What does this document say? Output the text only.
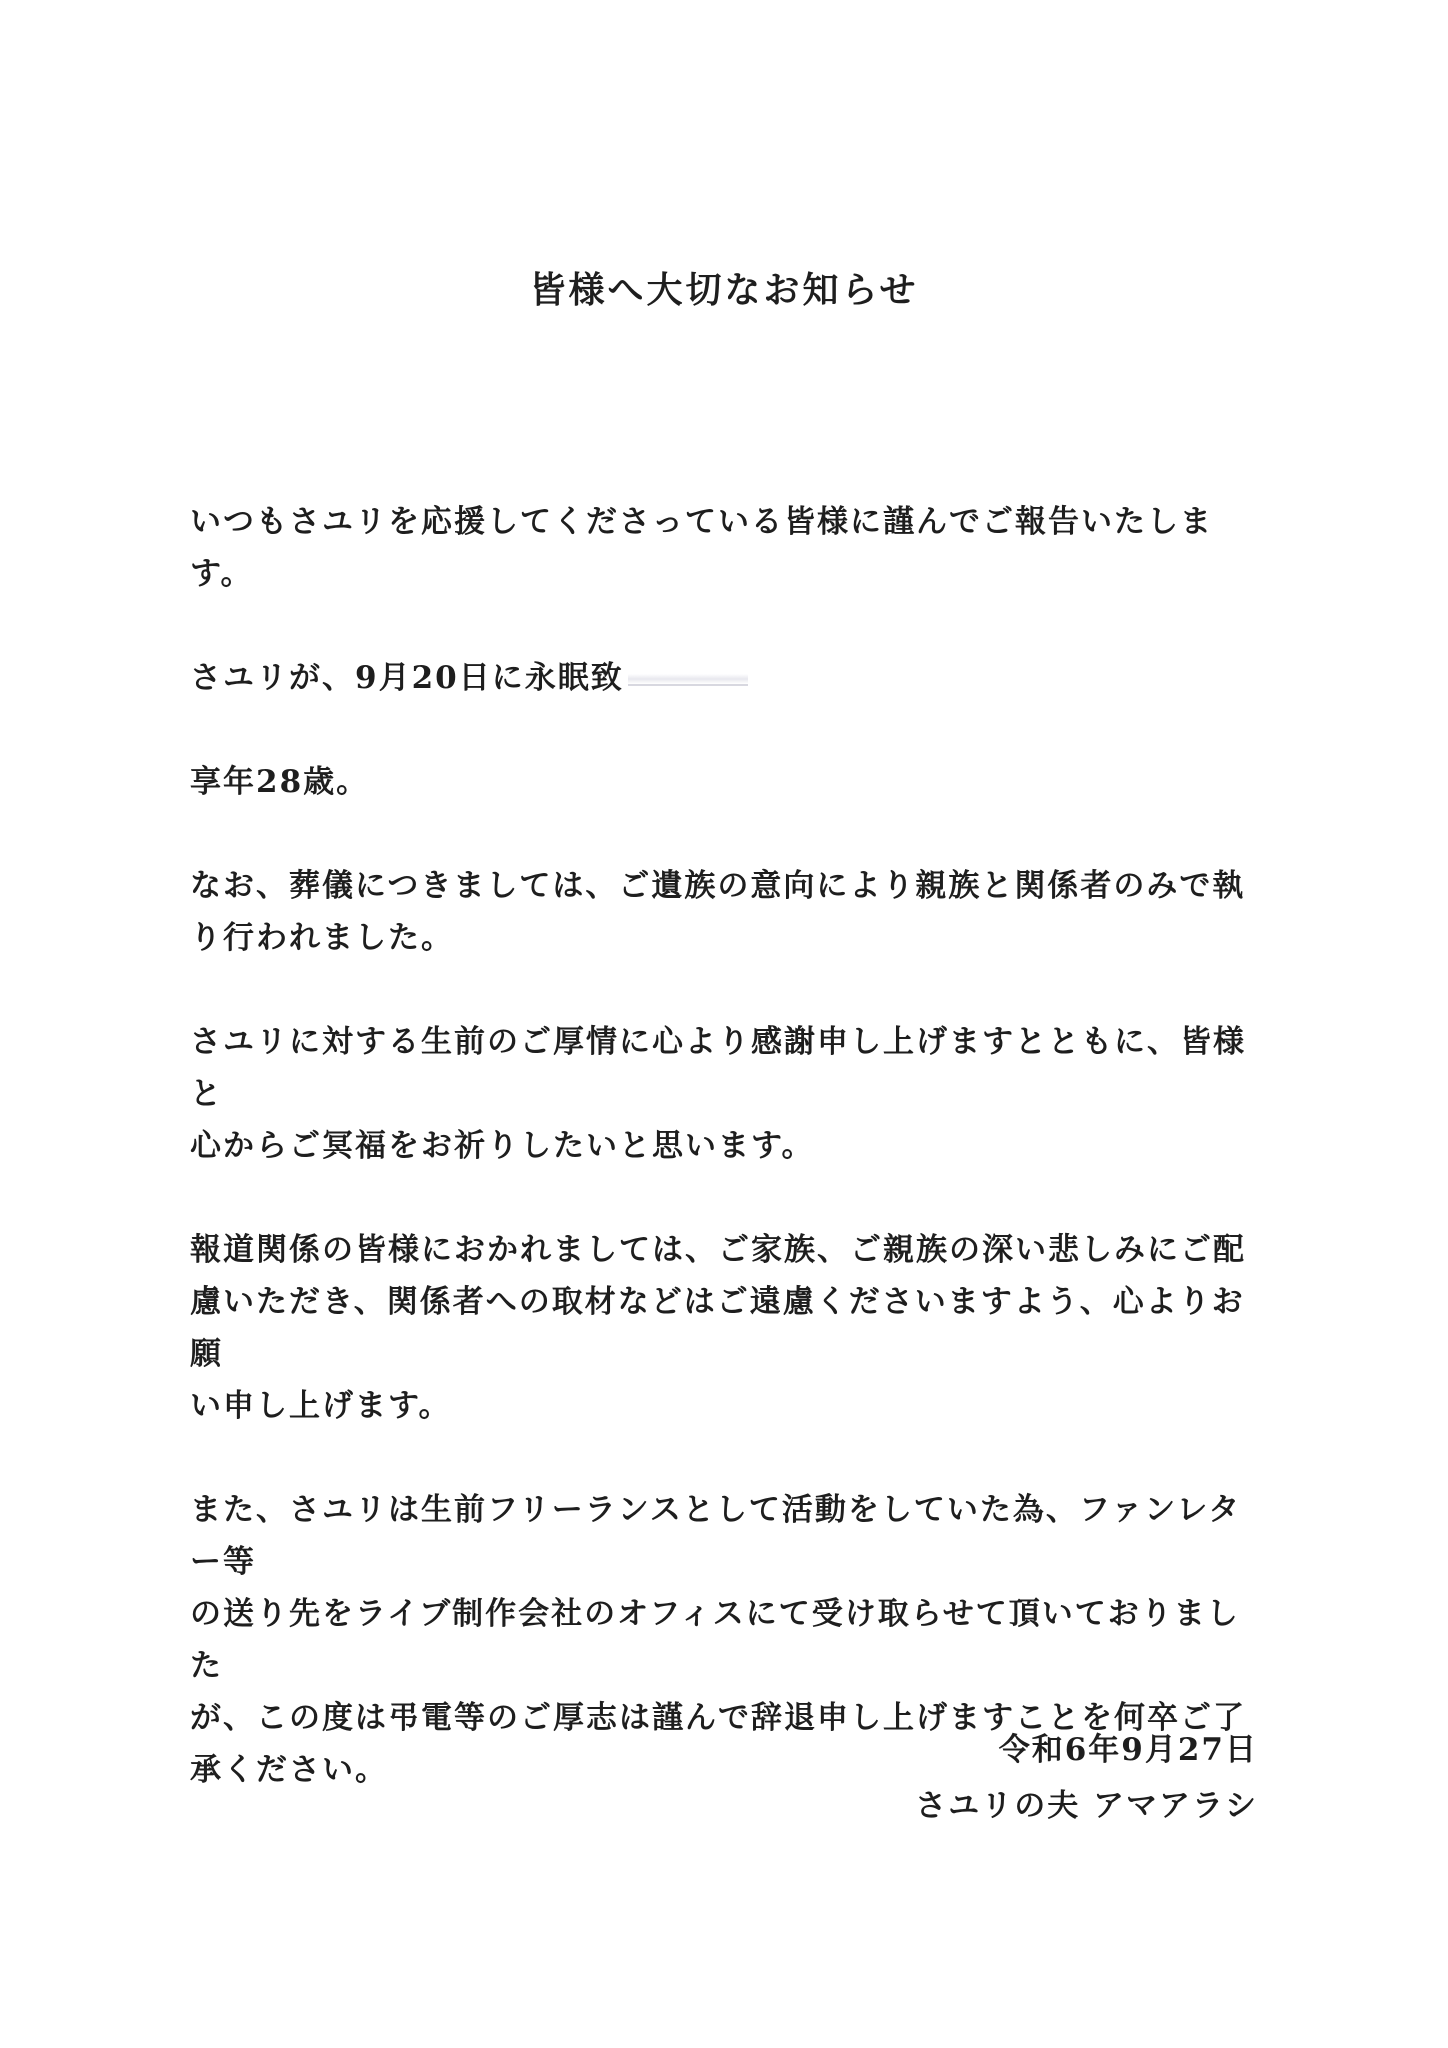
皆様へ大切なお知らせ

いつもさユリを応援してくださっている皆様に謹んでご報告いたします。

さユリが、9月20日に永眠致

享年28歳。

なお、葬儀につきましては、ご遺族の意向により親族と関係者のみで執
り行われました。

さユリに対する生前のご厚情に心より感謝申し上げますとともに、皆様と
心からご冥福をお祈りしたいと思います。

報道関係の皆様におかれましては、ご家族、ご親族の深い悲しみにご配
慮いただき、関係者への取材などはご遠慮くださいますよう、心よりお願
い申し上げます。

また、さユリは生前フリーランスとして活動をしていた為、ファンレター等
の送り先をライブ制作会社のオフィスにて受け取らせて頂いておりました
が、この度は弔電等のご厚志は謹んで辞退申し上げますことを何卒ご了
承ください。

令和6年9月27日
さユリの夫 アマアラシ
